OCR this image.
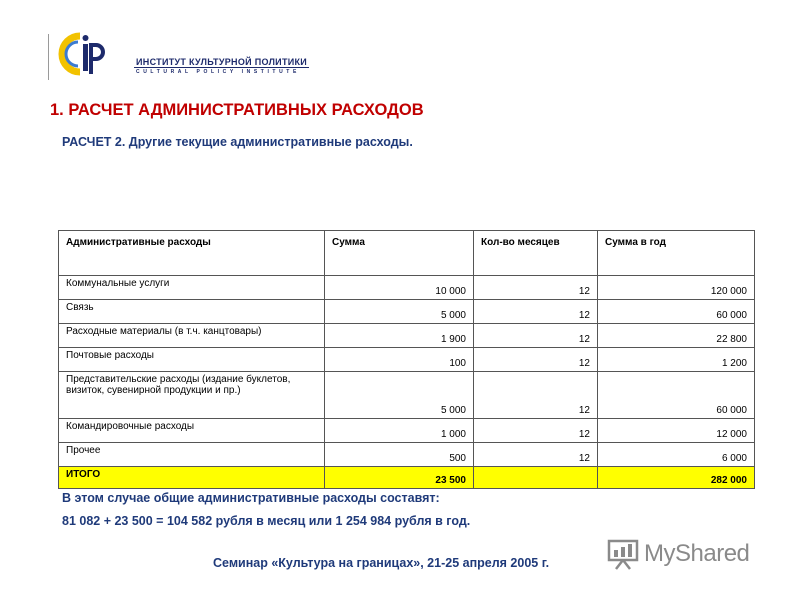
ИНСТИТУТ КУЛЬТУРНОЙ ПОЛИТИКИ
CULTURAL POLICY INSTITUTE
1. РАСЧЕТ АДМИНИСТРАТИВНЫХ РАСХОДОВ
РАСЧЕТ 2. Другие текущие административные расходы.
Административные расходы	Сумма	Кол-во месяцев	Сумма в год
Коммунальные услуги	10 000	12	120 000
Связь	5 000	12	60 000
Расходные материалы (в т.ч. канцтовары)	1 900	12	22 800
Почтовые расходы	100	12	1 200
Представительские расходы (издание буклетов, визиток, сувенирной продукции и пр.)	5 000	12	60 000
Командировочные расходы	1 000	12	12 000
Прочее	500	12	6 000
ИТОГО	23 500		282 000
В этом случае общие административные расходы составят:
81 082 + 23 500 = 104 582 рубля в месяц или 1 254 984 рубля в год.
Семинар «Культура на границах», 21-25 апреля 2005 г.	MyShared
